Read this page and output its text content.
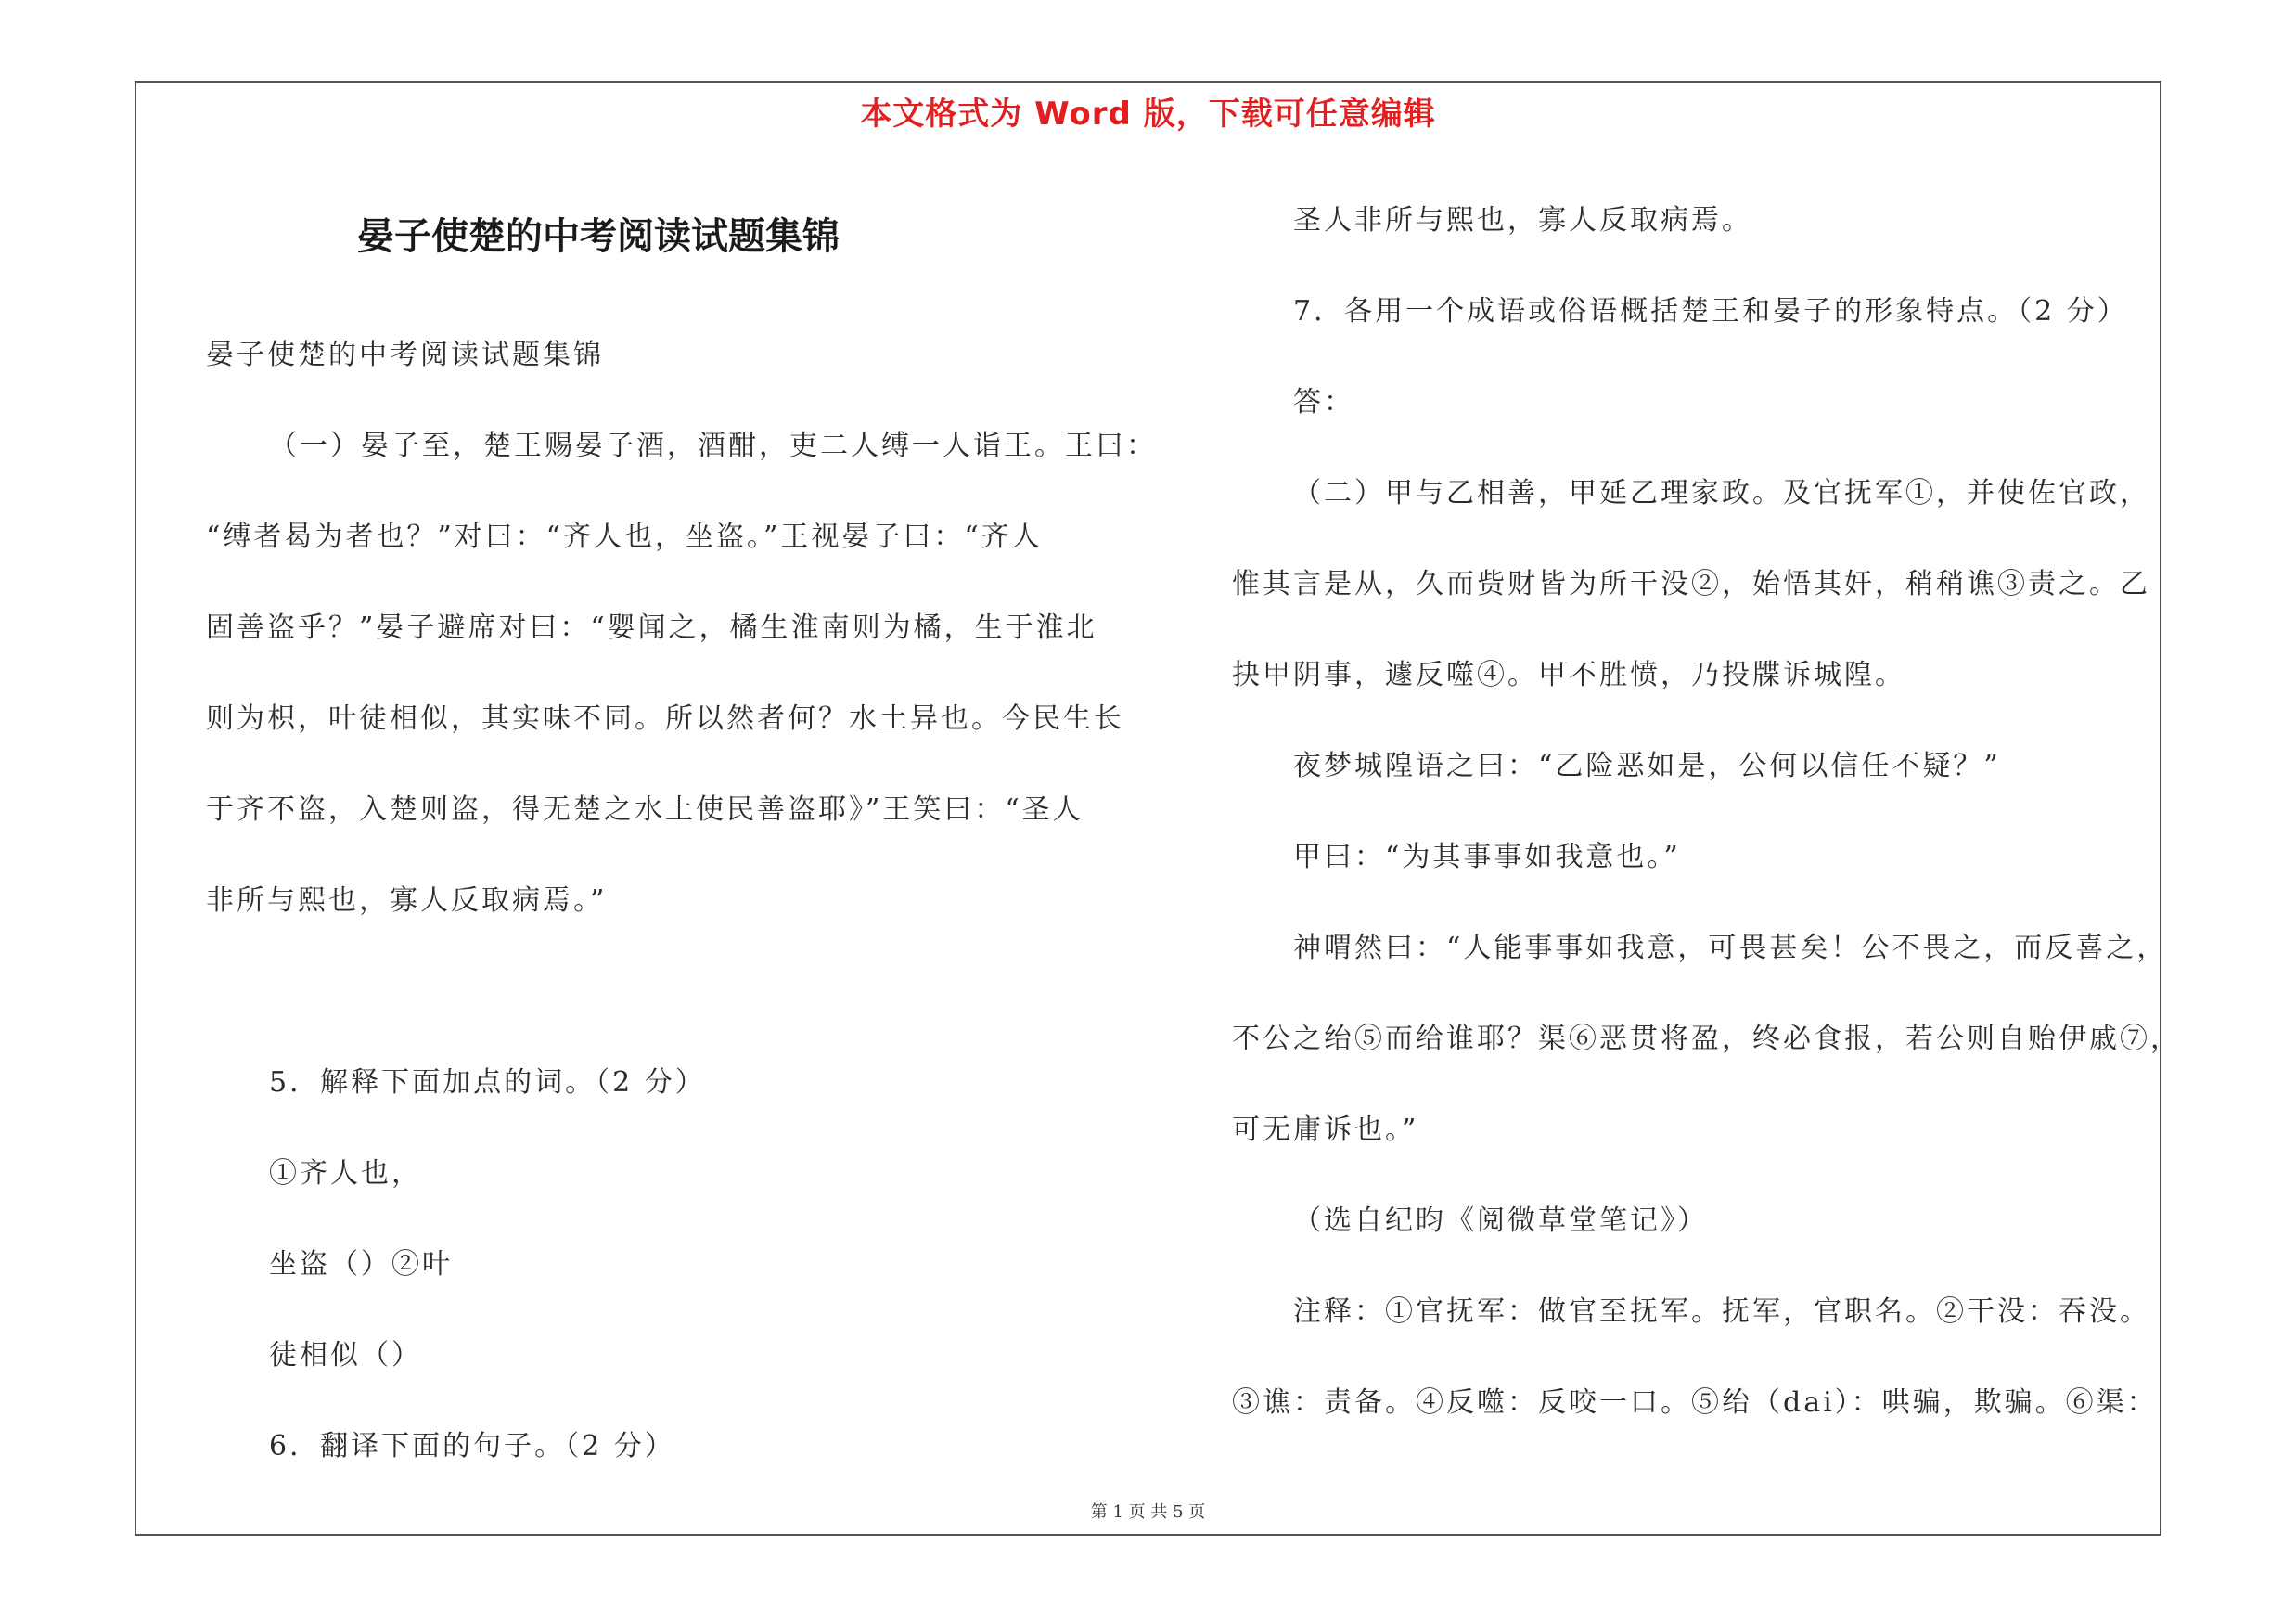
本文格式为 Word 版，下载可任意编辑
晏子使楚的中考阅读试题集锦
晏子使楚的中考阅读试题集锦
（一）晏子至，楚王赐晏子酒，酒酣，吏二人缚一人诣王。王曰：
“缚者曷为者也？”对曰：“齐人也，坐盗。”王视晏子曰：“齐人
固善盗乎？”晏子避席对曰：“婴闻之，橘生淮南则为橘，生于淮北
则为枳，叶徒相似，其实味不同。所以然者何？水土异也。今民生长
于齐不盗，入楚则盗，得无楚之水土使民善盗耶》”王笑曰：“圣人
非所与熙也，寡人反取病焉。”
5．解释下面加点的词。（2 分）
①齐人也，
坐盗（）②叶
徒相似（）
6．翻译下面的句子。（2 分）
圣人非所与熙也，寡人反取病焉。
7．各用一个成语或俗语概括楚王和晏子的形象特点。（2 分）
答：
（二）甲与乙相善，甲延乙理家政。及官抚军①，并使佐官政，
惟其言是从，久而赀财皆为所干没②，始悟其奸，稍稍谯③责之。乙
抉甲阴事，遽反噬④。甲不胜愤，乃投牒诉城隍。
夜梦城隍语之曰：“乙险恶如是，公何以信任不疑？”
甲曰：“为其事事如我意也。”
神喟然曰：“人能事事如我意，可畏甚矣！公不畏之，而反喜之，
不公之绐⑤而给谁耶？渠⑥恶贯将盈，终必食报，若公则自贻伊戚⑦，
可无庸诉也。”
（选自纪昀《阅微草堂笔记》）
注释：①官抚军：做官至抚军。抚军，官职名。②干没：吞没。
③谯：责备。④反噬：反咬一口。⑤绐（dai）：哄骗，欺骗。⑥渠：
第 1 页 共 5 页
